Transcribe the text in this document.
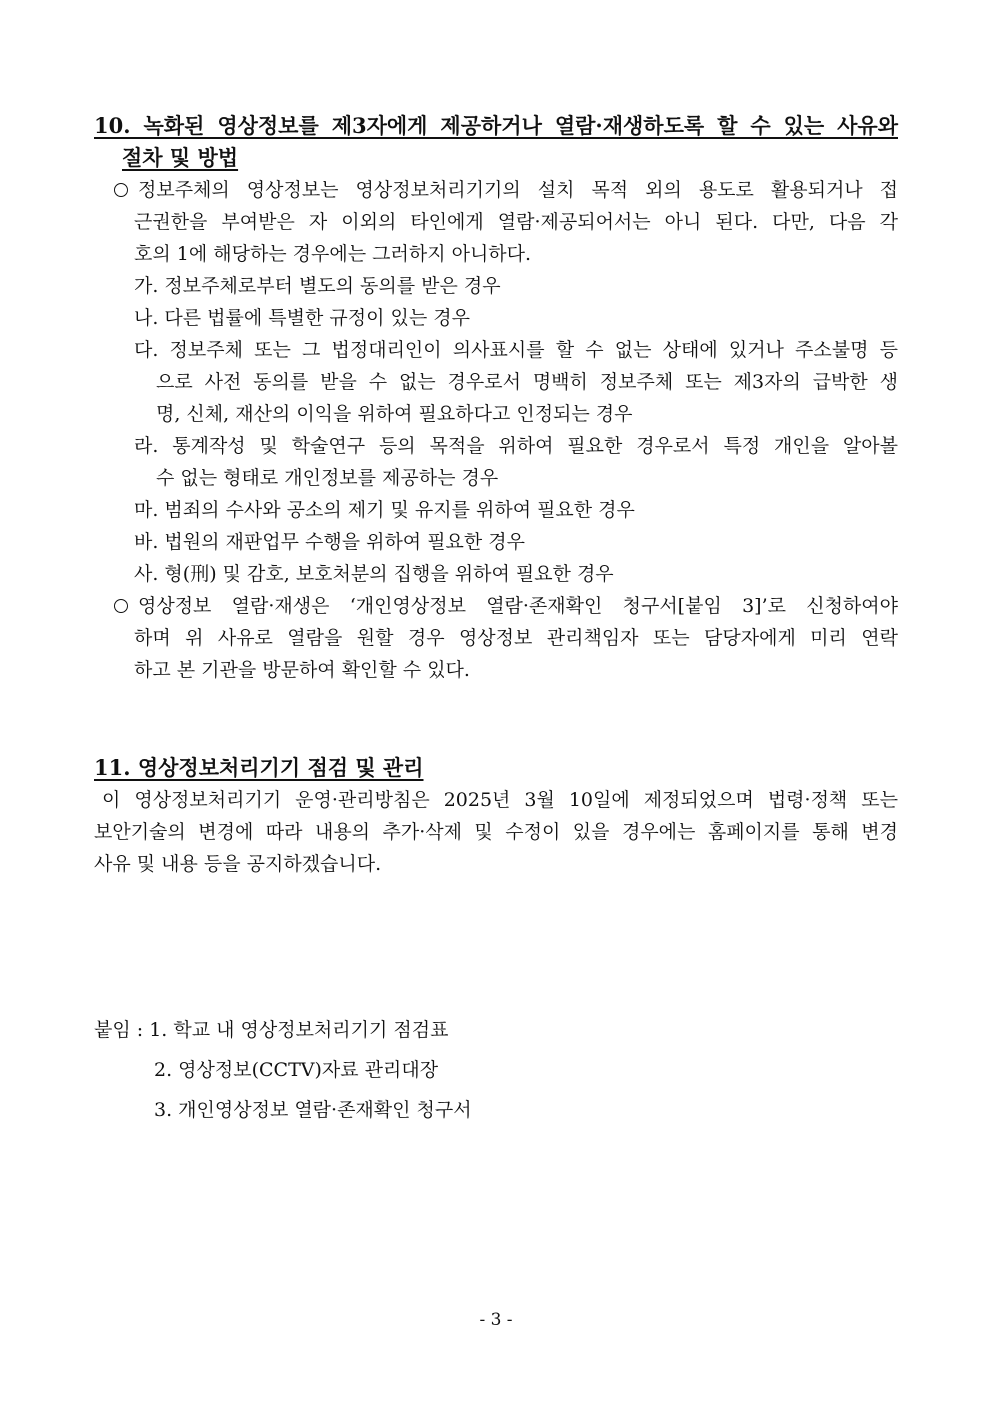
10. 녹화된 영상정보를 제3자에게 제공하거나 열람·재생하도록 할 수 있는 사유와
절차 및 방법
정보주체의 영상정보는 영상정보처리기기의 설치 목적 외의 용도로 활용되거나 접
근권한을 부여받은 자 이외의 타인에게 열람·제공되어서는 아니 된다. 다만, 다음 각
호의 1에 해당하는 경우에는 그러하지 아니하다.
가. 정보주체로부터 별도의 동의를 받은 경우
나. 다른 법률에 특별한 규정이 있는 경우
다. 정보주체 또는 그 법정대리인이 의사표시를 할 수 없는 상태에 있거나 주소불명 등
으로 사전 동의를 받을 수 없는 경우로서 명백히 정보주체 또는 제3자의 급박한 생
명, 신체, 재산의 이익을 위하여 필요하다고 인정되는 경우
라. 통계작성 및 학술연구 등의 목적을 위하여 필요한 경우로서 특정 개인을 알아볼
수 없는 형태로 개인정보를 제공하는 경우
마. 범죄의 수사와 공소의 제기 및 유지를 위하여 필요한 경우
바. 법원의 재판업무 수행을 위하여 필요한 경우
사. 형(刑) 및 감호, 보호처분의 집행을 위하여 필요한 경우
영상정보 열람·재생은 ‘개인영상정보 열람·존재확인 청구서[붙임 3]’로 신청하여야
하며 위 사유로 열람을 원할 경우 영상정보 관리책임자 또는 담당자에게 미리 연락
하고 본 기관을 방문하여 확인할 수 있다.
11. 영상정보처리기기 점검 및 관리
이 영상정보처리기기 운영·관리방침은 2025년 3월 10일에 제정되었으며 법령·정책 또는
보안기술의 변경에 따라 내용의 추가·삭제 및 수정이 있을 경우에는 홈페이지를 통해 변경
사유 및 내용 등을 공지하겠습니다.
붙임 : 1. 학교 내 영상정보처리기기 점검표
2. 영상정보(CCTV)자료 관리대장
3. 개인영상정보 열람·존재확인 청구서
- 3 -
